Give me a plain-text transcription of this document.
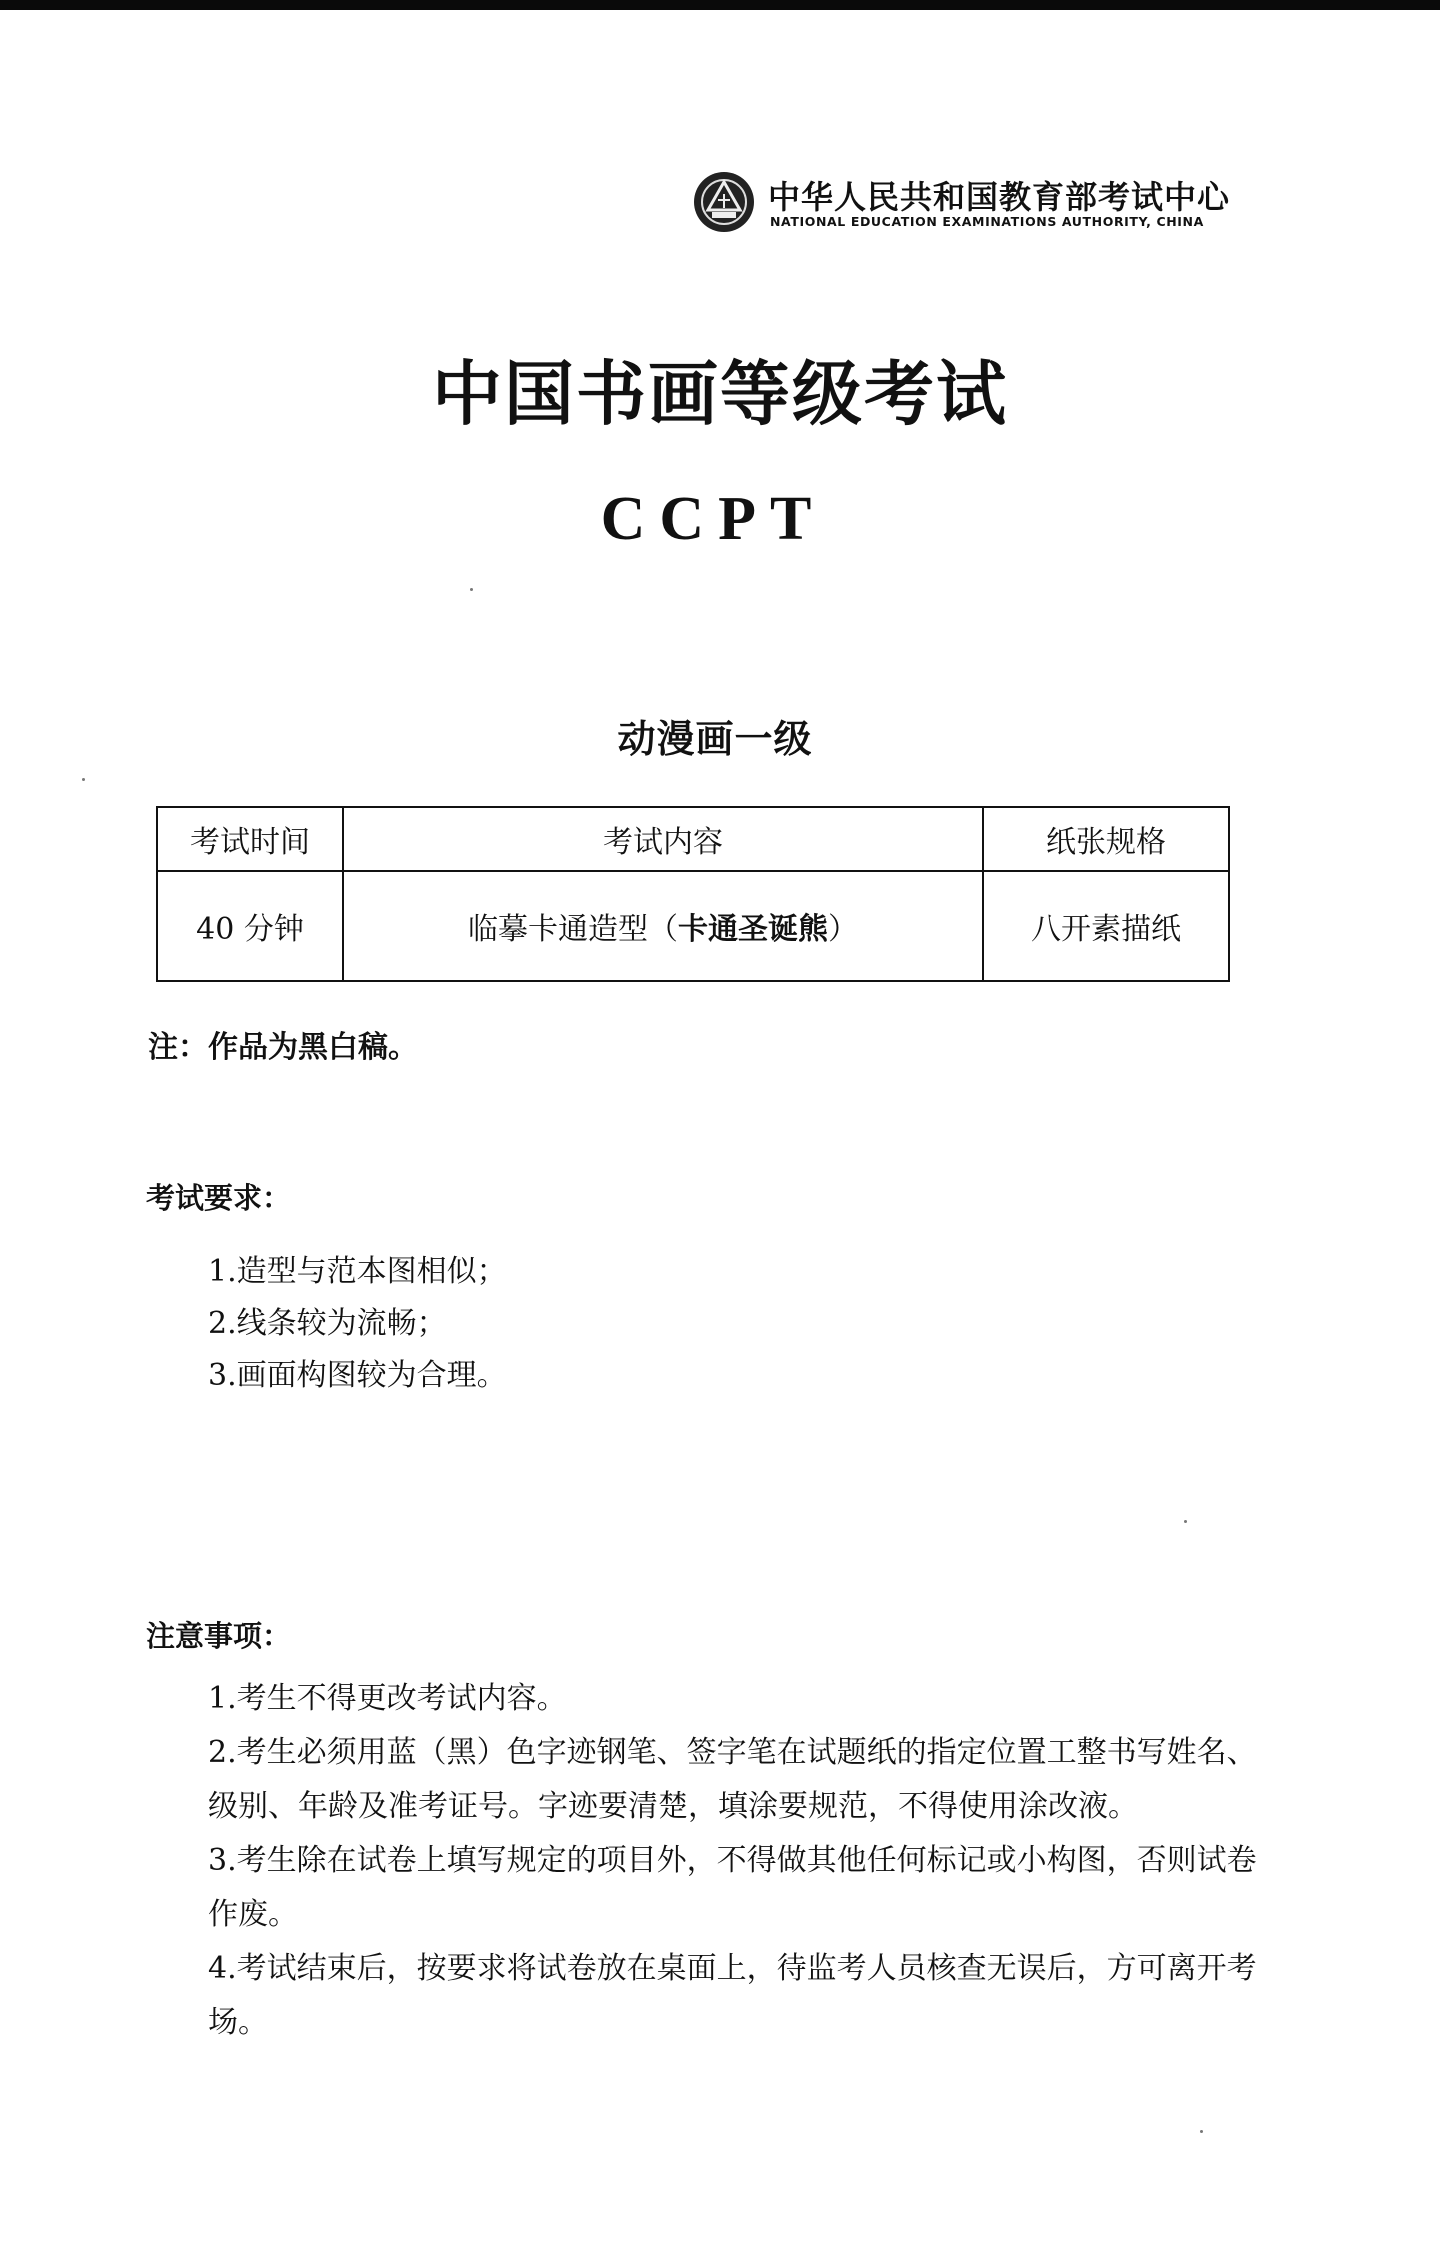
中华人民共和国教育部考试中心
NATIONAL EDUCATION EXAMINATIONS AUTHORITY, CHINA
中国书画等级考试
CCPT
动漫画一级
考试时间	考试内容	纸张规格
40 分钟	临摹卡通造型（ 卡通圣诞熊 ）	八开素描纸
注：作品为黑白稿。
考试要求：
1.造型与范本图相似；
2.线条较为流畅；
3.画面构图较为合理。
注意事项：
1.考生不得更改考试内容。
2.考生必须用蓝（黑）色字迹钢笔、签字笔在试题纸的指定位置工整书写姓名、级别、年龄及准考证号。字迹要清楚，填涂要规范，不得使用涂改液。
3.考生除在试卷上填写规定的项目外，不得做其他任何标记或小构图，否则试卷作废。
4.考试结束后，按要求将试卷放在桌面上，待监考人员核查无误后，方可离开考场。
